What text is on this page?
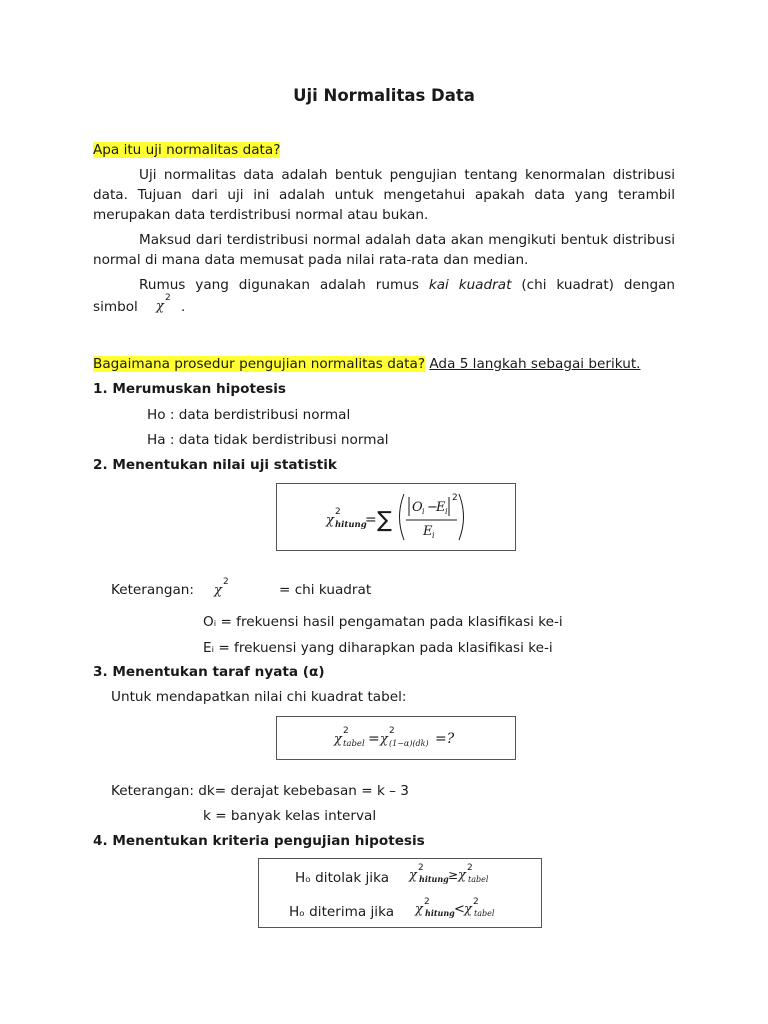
Uji Normalitas Data
Apa itu uji normalitas data?

Uji normalitas data adalah bentuk pengujian tentang kenormalan distribusi data. Tujuan dari uji ini adalah untuk mengetahui apakah data yang terambil merupakan data terdistribusi normal atau bukan.

Maksud dari terdistribusi normal adalah data akan mengikuti bentuk distribusi normal di mana data memusat pada nilai rata-rata dan median.

Rumus yang digunakan adalah rumus kai kuadrat (chi kuadrat) dengan

simbol χ
2
.
Bagaimana prosedur pengujian normalitas data? Ada 5 langkah sebagai berikut.
1. Merumuskan hipotesis
Ho : data berdistribusi normal
Ha : data tidak berdistribusi normal
2. Menentukan nilai uji statistik
χ
2
hitung
= ∑
O i −
E i
2
E i
Keterangan: χ
2	= chi kuadrat
Oᵢ = frekuensi hasil pengamatan pada klasifikasi ke-i
Eᵢ = frekuensi yang diharapkan pada klasifikasi ke-i
3. Menentukan taraf nyata (α)
Untuk mendapatkan nilai chi kuadrat tabel:
χ
2
tabel = χ
2
(1−α)(dk) =?
Keterangan: dk= derajat kebebasan = k – 3
k = banyak kelas interval
4. Menentukan kriteria pengujian hipotesis
Hₒ ditolak jika χ 2
hitung ≥ χ 2
tabel
Hₒ diterima jika χ 2
hitung < χ 2
tabel
